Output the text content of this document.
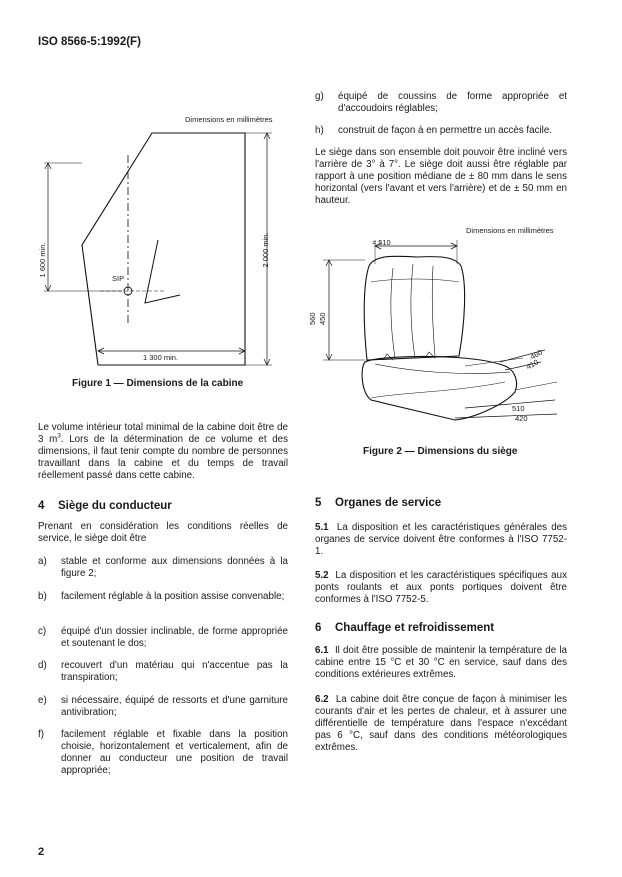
ISO 8566-5:1992(F)
Dimensions en millimètres
1 600 min.	2 000 min.
1 300 min.
SIP
Figure 1 — Dimensions de la cabine
Le volume intérieur total minimal de la cabine doit être de 3 $m^3$. Lors de la détermination de ce volume et des dimensions, il faut tenir compte du nombre de personnes travaillant dans la cabine et du temps de travail réellement passé dans cette cabine.
4 Siège du conducteur
Prenant en considération les conditions réelles de service, le siège doit être
a) stable et conforme aux dimensions données à la figure 2;
b) facilement réglable à la position assise convenable;
c) équipé d'un dossier inclinable, de forme appropriée et soutenant le dos;
d) recouvert d'un matériau qui n'accentue pas la transpiration;
e) si nécessaire, équipé de ressorts et d'une garniture antivibration;
f) facilement réglable et fixable dans la position choisie, horizontalement et verticalement, afin de donner au conducteur une position de travail appropriée;
g) équipé de coussins de forme appropriée et d'accoudoirs réglables;
h) construit de façon à en permettre un accès facile.
Le siège dans son ensemble doit pouvoir être incliné vers l'arrière de 3° à 7°. Le siège doit aussi être réglable par rapport à une position médiane de ± 80 mm dans le sens horizontal (vers l'avant et vers l'arrière) et de ± 50 mm en hauteur.
Dimensions en millimètres
≈ 510
560 450
460
410
510
420
Figure 2 — Dimensions du siège
5 Organes de service
5.1 La disposition et les caractéristiques générales des organes de service doivent être conformes à l'ISO 7752-1.
5.2 La disposition et les caractéristiques spécifiques aux ponts roulants et aux ponts portiques doivent être conformes à l'ISO 7752-5.
6 Chauffage et refroidissement
6.1 Il doit être possible de maintenir la température de la cabine entre 15 °C et 30 °C en service, sauf dans des conditions extérieures extrêmes.
6.2 La cabine doit être conçue de façon à minimiser les courants d'air et les pertes de chaleur, et à assurer une différentielle de température dans l'espace n'excédant pas 6 °C, sauf dans des conditions météorologiques extrêmes.
2
